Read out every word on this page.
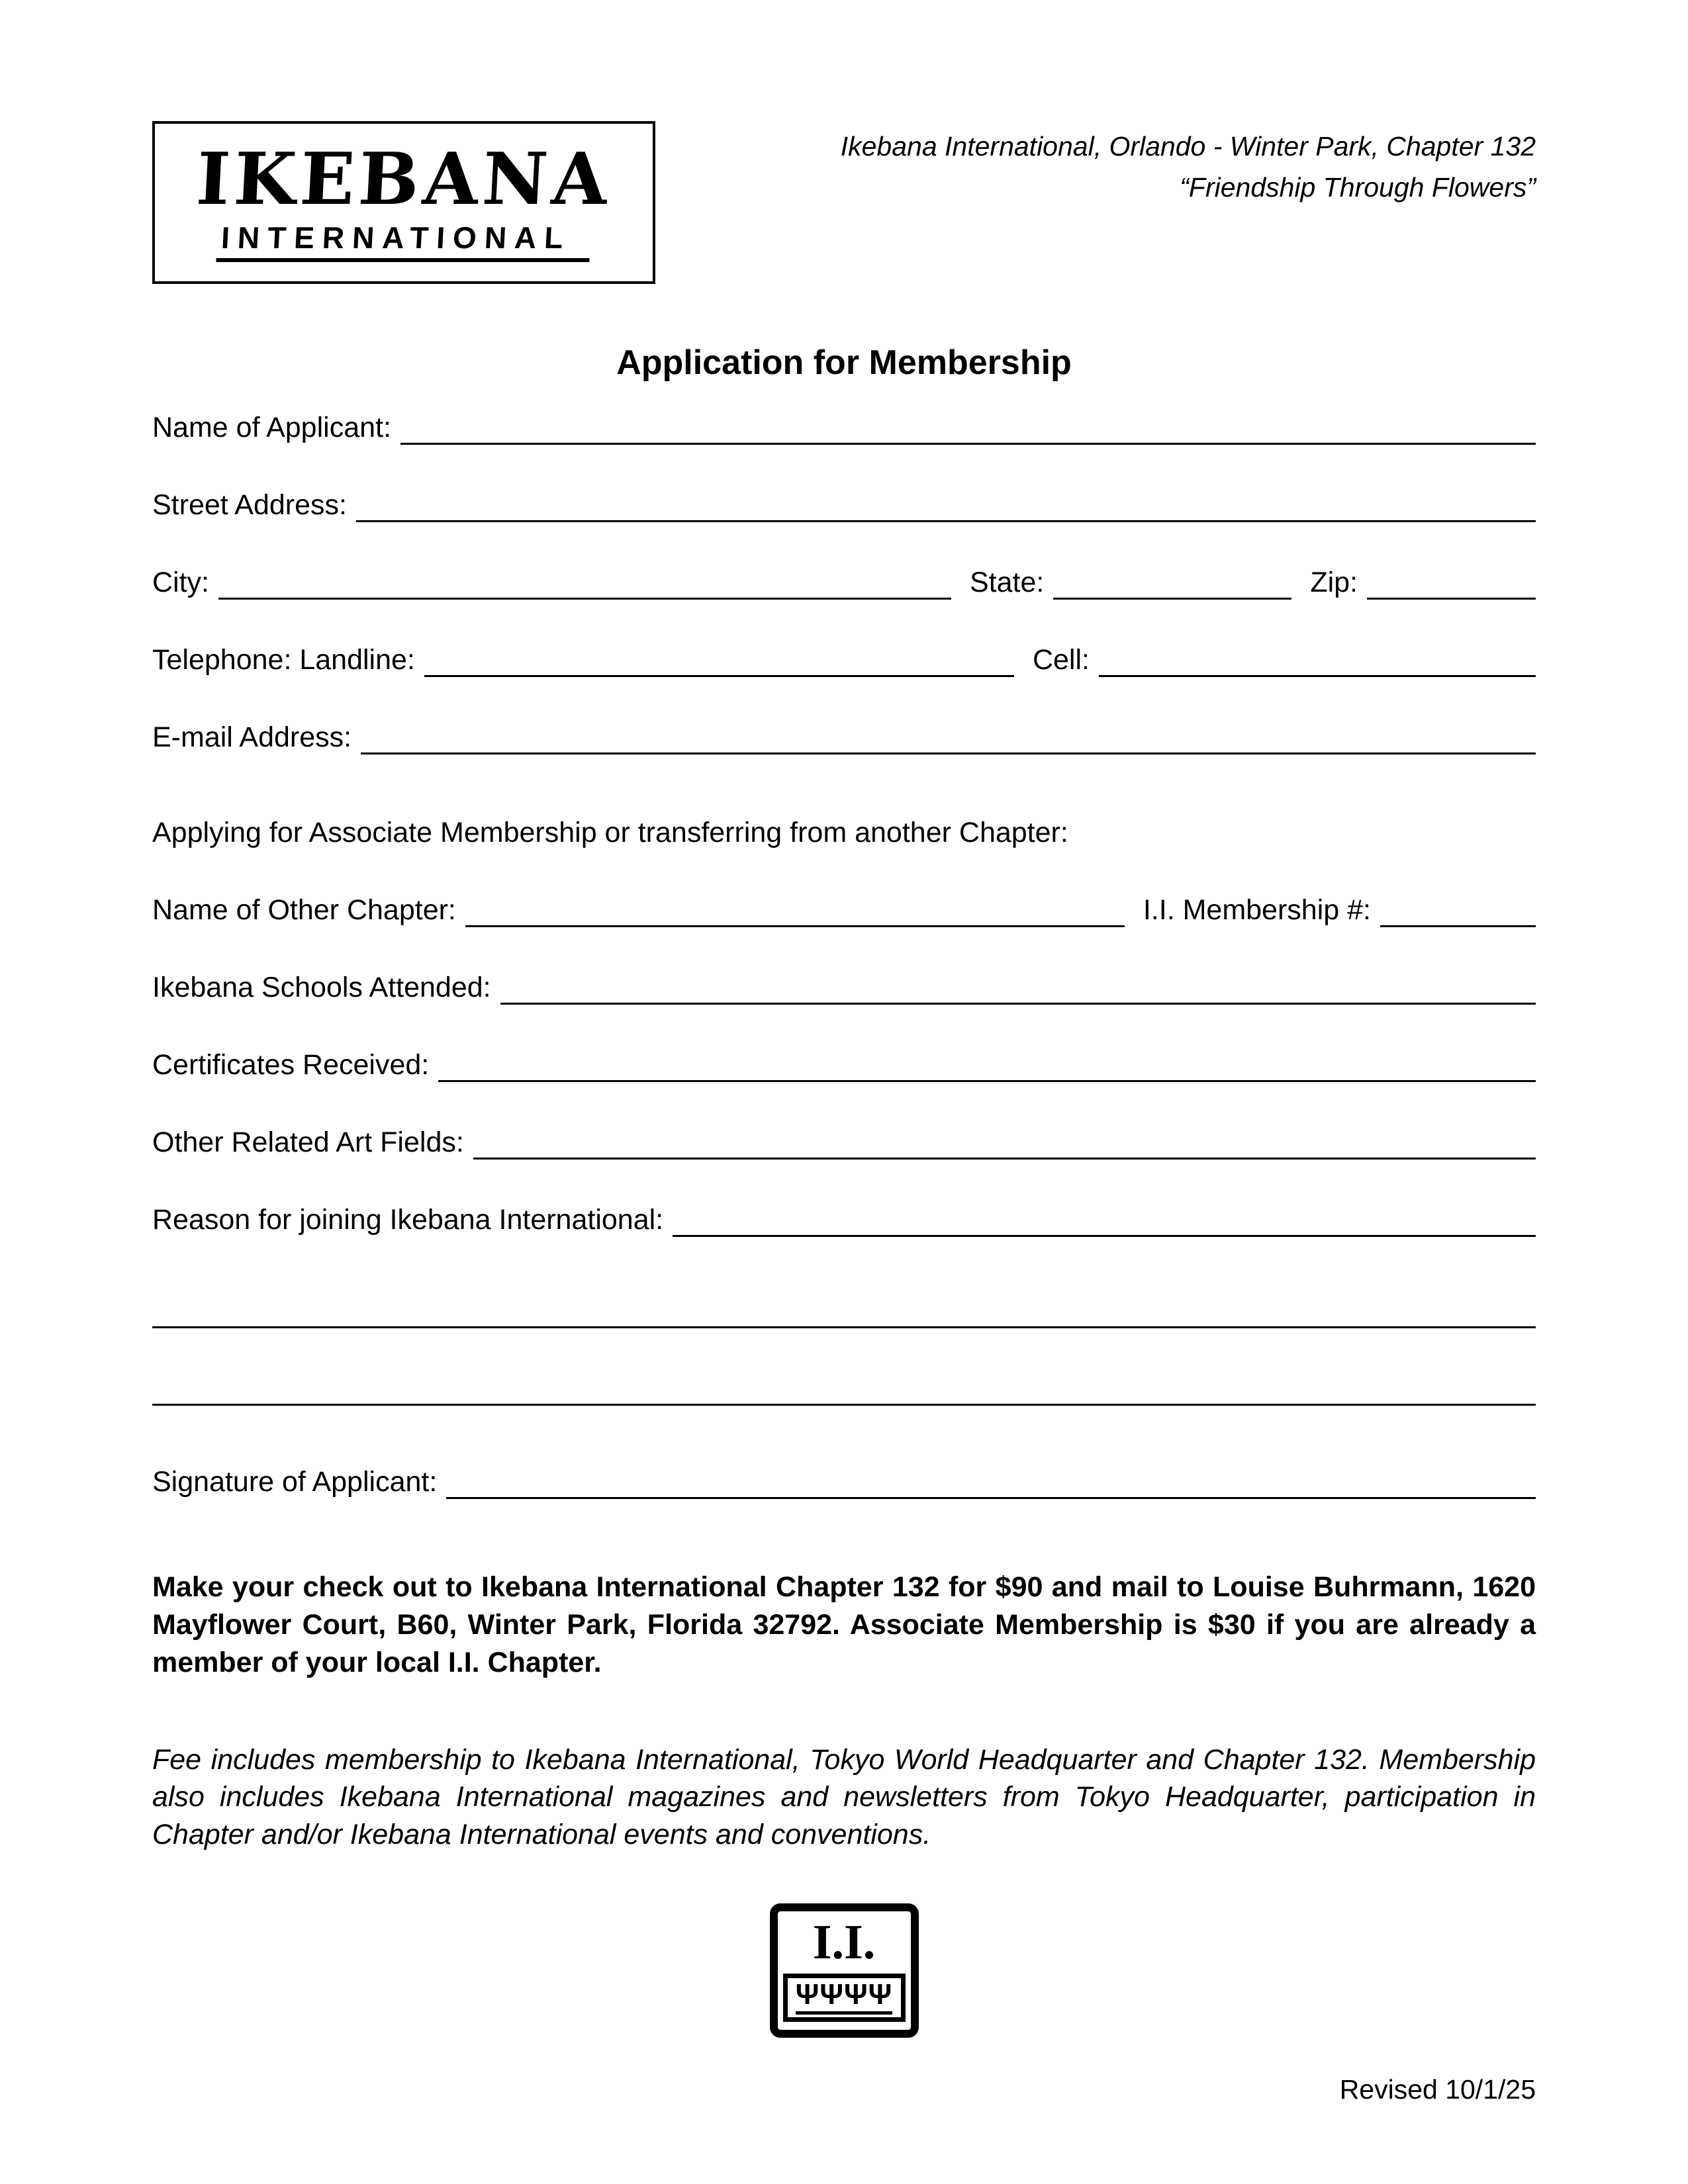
IKEBANA
INTERNATIONAL
Ikebana International, Orlando - Winter Park, Chapter 132
“Friendship Through Flowers”
Application for Membership
Name of Applicant:
Street Address:
City:	State:	Zip:
Telephone: Landline:	Cell:
E-mail Address:
Applying for Associate Membership or transferring from another Chapter:
Name of Other Chapter:	I.I. Membership #:
Ikebana Schools Attended:
Certificates Received:
Other Related Art Fields:
Reason for joining Ikebana International:
Signature of Applicant:
Make your check out to Ikebana International Chapter 132 for $90 and mail to Louise Buhrmann, 1620 Mayflower Court, B60, Winter Park, Florida 32792. Associate Membership is $30 if you are already a member of your local I.I. Chapter.
Fee includes membership to Ikebana International, Tokyo World Headquarter and Chapter 132. Membership also includes Ikebana International magazines and newsletters from Tokyo Headquarter, participation in Chapter and/or Ikebana International events and conventions.
I.I.
ΨΨΨΨ
Revised 10/1/25
